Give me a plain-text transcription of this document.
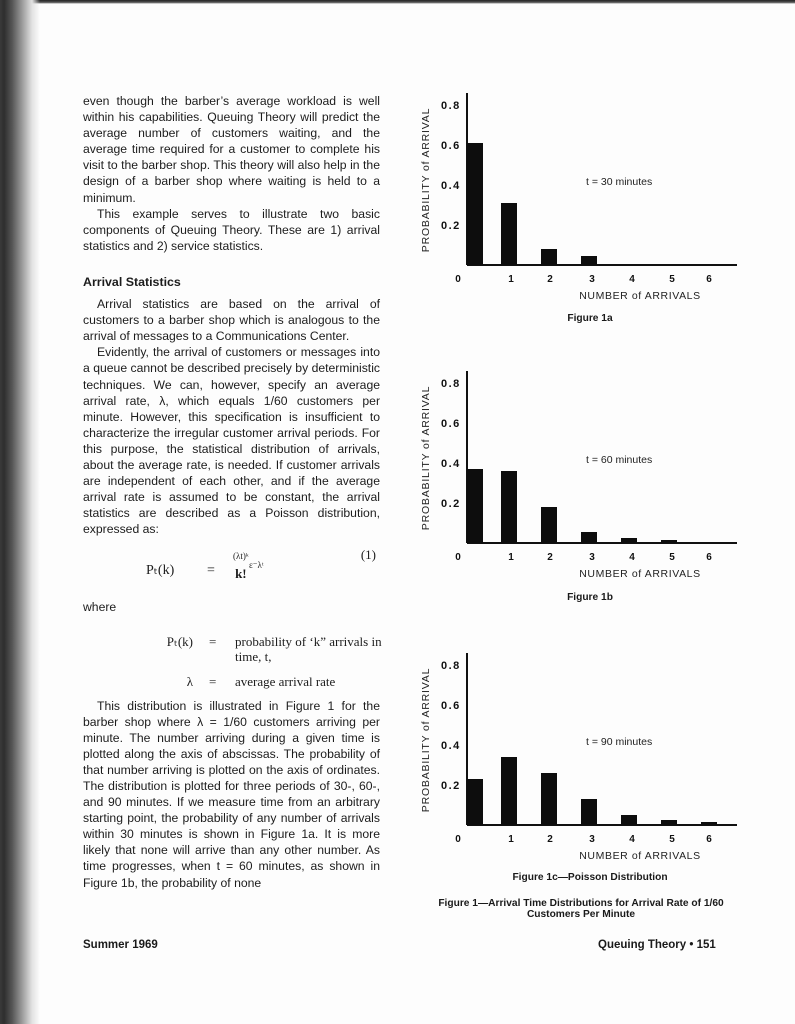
even though the barber’s average workload is well within his capabilities. Queuing Theory will predict the average number of customers waiting, and the average time required for a customer to complete his visit to the barber shop. This theory will also help in the design of a barber shop where waiting is held to a minimum.

This example serves to illustrate two basic components of Queuing Theory. These are 1) arrival statistics and 2) service statistics.

Arrival Statistics

Arrival statistics are based on the arrival of customers to a barber shop which is analogous to the arrival of messages to a Communications Center.

Evidently, the arrival of customers or messages into a queue cannot be described precisely by deterministic techniques. We can, however, specify an average arrival rate, λ, which equals 1/60 customers per minute. However, this specification is insufficient to characterize the irregular customer arrival periods. For this purpose, the statistical distribution of arrivals, about the average rate, is needed. If customer arrivals are independent of each other, and if the average arrival rate is assumed to be constant, the arrival statistics are described as a Poisson distribution, expressed as:

Pₜ(k) =
(λt)ᵏ
k!
ε⁻λᵗ
(1)

where

Pₜ(k) = probability of ‘k” arrivals in time, t,
λ = average arrival rate

This distribution is illustrated in Figure 1 for the barber shop where λ = 1/60 customers arriving per minute. The number arriving during a given time is plotted along the axis of abscissas. The probability of that number arriving is plotted on the axis of ordinates. The distribution is plotted for three periods of 30-, 60-, and 90 minutes. If we measure time from an arbitrary starting point, the probability of any number of arrivals within 30 minutes is shown in Figure 1a. It is more likely that none will arrive than any other number. As time progresses, when t = 60 minutes, as shown in Figure 1b, the probability of none

0.2
0.4
0.6
0.8
0	1	2	3	4	5	6
PROBABILITY of ARRIVAL
NUMBER of ARRIVALS
t = 30 minutes
0.2
0.4
0.6
0.8
0	1	2	3	4	5	6
PROBABILITY of ARRIVAL
NUMBER of ARRIVALS
t = 60 minutes
0.2
0.4
0.6
0.8
0	1	2	3	4	5	6
PROBABILITY of ARRIVAL
NUMBER of ARRIVALS
t = 90 minutes
Figure 1a
Figure 1b
Figure 1c—Poisson Distribution
Figure 1—Arrival Time Distributions for Arrival Rate of 1/60 Customers Per Minute
Summer 1969	Queuing Theory • 151
